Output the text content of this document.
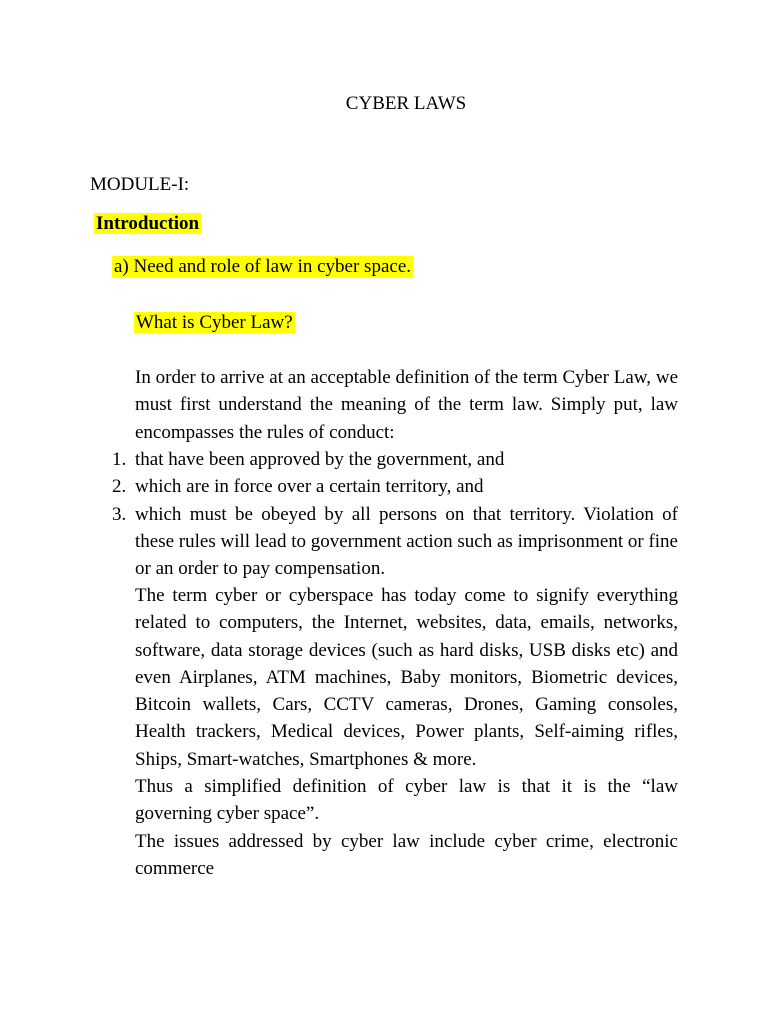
CYBER LAWS
MODULE-I:
Introduction
a) Need and role of law in cyber space.
What is Cyber Law?

In order to arrive at an acceptable definition of the term Cyber Law, we must first understand the meaning of the term law. Simply put, law encompasses the rules of conduct:

1. that have been approved by the government, and
2. which are in force over a certain territory, and
3. which must be obeyed by all persons on that territory. Violation of these rules will lead to government action such as imprisonment or fine or an order to pay compensation.

The term cyber or cyberspace has today come to signify everything related to computers, the Internet, websites, data, emails, networks, software, data storage devices (such as hard disks, USB disks etc) and even Airplanes, ATM machines, Baby monitors, Biometric devices, Bitcoin wallets, Cars, CCTV cameras, Drones, Gaming consoles, Health trackers, Medical devices, Power plants, Self-aiming rifles, Ships, Smart-watches, Smartphones & more.

Thus a simplified definition of cyber law is that it is the “law governing cyber space”.

The issues addressed by cyber law include cyber crime, electronic commerce
